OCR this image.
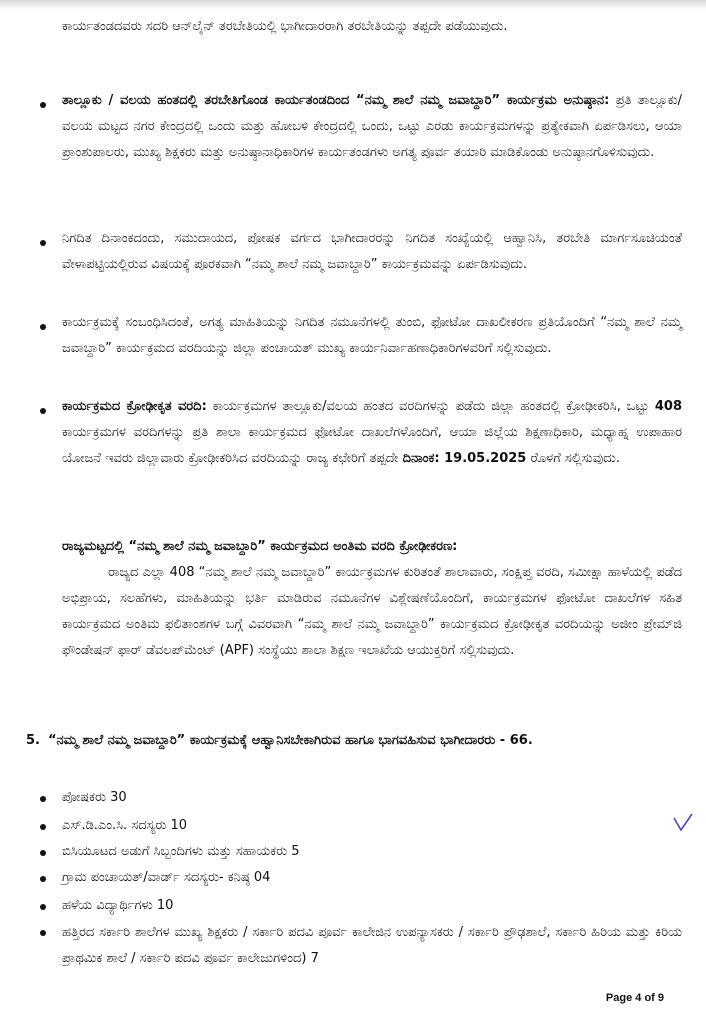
ಕಾರ್ಯತಂಡದವರು ಸದರಿ ಆನ್‌ಲೈನ್ ತರಬೇತಿಯಲ್ಲಿ ಭಾಗೀದಾರರಾಗಿ ತರಬೇತಿಯನ್ನು ತಪ್ಪದೇ ಪಡೆಯುವುದು.
ತಾಲ್ಲೂಕು / ವಲಯ ಹಂತದಲ್ಲಿ ತರಬೇತಿಗೊಂಡ ಕಾರ್ಯತಂಡದಿಂದ “ನಮ್ಮ ಶಾಲೆ ನಮ್ಮ ಜವಾಬ್ದಾರಿ” ಕಾರ್ಯಕ್ರಮ ಅನುಷ್ಠಾನ: ಪ್ರತಿ ತಾಲ್ಲೂಕು/ವಲಯ ಮಟ್ಟದ ನಗರ ಕೇಂದ್ರದಲ್ಲಿ ಒಂದು ಮತ್ತು ಹೋಬಳಿ ಕೇಂದ್ರದಲ್ಲಿ ಒಂದು, ಒಟ್ಟು ಎರಡು ಕಾರ್ಯಕ್ರಮಗಳನ್ನು ಪ್ರತ್ಯೇಕವಾಗಿ ಏರ್ಪಡಿಸಲು, ಆಯಾ ಪ್ರಾಂಶುಪಾಲರು, ಮುಖ್ಯ ಶಿಕ್ಷಕರು ಮತ್ತು ಅನುಷ್ಠಾನಾಧಿಕಾರಿಗಳ ಕಾರ್ಯತಂಡಗಳು ಅಗತ್ಯ ಪೂರ್ವ ತಯಾರಿ ಮಾಡಿಕೊಂಡು ಅನುಷ್ಠಾನಗೊಳಿಸುವುದು.
ನಿಗದಿತ ದಿನಾಂಕದಂದು, ಸಮುದಾಯದ, ಪೋಷಕ ವರ್ಗದ ಭಾಗೀದಾರರನ್ನು ನಿಗದಿತ ಸಂಖ್ಯೆಯಲ್ಲಿ ಆಹ್ವಾನಿಸಿ, ತರಬೇತಿ ಮಾರ್ಗಸೂಚಿಯಂತೆ ವೇಳಾಪಟ್ಟಿಯಲ್ಲಿರುವ ವಿಷಯಕ್ಕೆ ಪೂರಕವಾಗಿ “ನಮ್ಮ ಶಾಲೆ ನಮ್ಮ ಜವಾಬ್ದಾರಿ” ಕಾರ್ಯಕ್ರಮವನ್ನು ಏರ್ಪಡಿಸುವುದು.
ಕಾರ್ಯಕ್ರಮಕ್ಕೆ ಸಂಬಂಧಿಸಿದಂತೆ, ಅಗತ್ಯ ಮಾಹಿತಿಯನ್ನು ನಿಗದಿತ ನಮೂನೆಗಳಲ್ಲಿ ತುಂಬಿ, ಫೋಟೋ ದಾಖಲೀಕರಣ ಪ್ರತಿಯೊಂದಿಗೆ “ನಮ್ಮ ಶಾಲೆ ನಮ್ಮ ಜವಾಬ್ದಾರಿ” ಕಾರ್ಯಕ್ರಮದ ವರದಿಯನ್ನು ಜಿಲ್ಲಾ ಪಂಚಾಯತ್ ಮುಖ್ಯ ಕಾರ್ಯನಿರ್ವಾಹಣಾಧಿಕಾರಿಗಳವರಿಗೆ ಸಲ್ಲಿಸುವುದು.
ಕಾರ್ಯಕ್ರಮದ ಕ್ರೋಢೀಕೃತ ವರದಿ: ಕಾರ್ಯಕ್ರಮಗಳ ತಾಲ್ಲೂಕು/ವಲಯ ಹಂತದ ವರದಿಗಳನ್ನು ಪಡೆದು ಜಿಲ್ಲಾ ಹಂತದಲ್ಲಿ ಕ್ರೋಢೀಕರಿಸಿ, ಒಟ್ಟು 408 ಕಾರ್ಯಕ್ರಮಗಳ ವರದಿಗಳನ್ನು ಪ್ರತಿ ಶಾಲಾ ಕಾರ್ಯಕ್ರಮದ ಫೋಟೋ ದಾಖಲೆಗಳೊಂದಿಗೆ, ಆಯಾ ಜಿಲ್ಲೆಯ ಶಿಕ್ಷಣಾಧಿಕಾರಿ, ಮಧ್ಯಾಹ್ನ ಉಪಾಹಾರ ಯೋಜನೆ ಇವರು ಜಿಲ್ಲಾವಾರು ಕ್ರೋಢೀಕರಿಸಿದ ವರದಿಯನ್ನು ರಾಜ್ಯ ಕಛೇರಿಗೆ ತಪ್ಪದೇ ದಿನಾಂಕ: 19.05.2025 ರೊಳಗೆ ಸಲ್ಲಿಸುವುದು.
ರಾಜ್ಯಮಟ್ಟದಲ್ಲಿ “ನಮ್ಮ ಶಾಲೆ ನಮ್ಮ ಜವಾಬ್ದಾರಿ” ಕಾರ್ಯಕ್ರಮದ ಅಂತಿಮ ವರದಿ ಕ್ರೋಢೀಕರಣ:
ರಾಜ್ಯದ ಎಲ್ಲಾ 408 “ನಮ್ಮ ಶಾಲೆ ನಮ್ಮ ಜವಾಬ್ದಾರಿ” ಕಾರ್ಯಕ್ರಮಗಳ ಕುರಿತಂತೆ ಶಾಲಾವಾರು, ಸಂಕ್ಷಿಪ್ತ ವರದಿ, ಸಮೀಕ್ಷಾ ಹಾಳೆಯಲ್ಲಿ ಪಡೆದ ಅಭಿಪ್ರಾಯ, ಸಲಹೆಗಳು, ಮಾಹಿತಿಯನ್ನು ಭರ್ತಿ ಮಾಡಿರುವ ನಮೂನೆಗಳ ವಿಶ್ಲೇಷಣೆಯೊಂದಿಗೆ, ಕಾರ್ಯಕ್ರಮಗಳ ಫೋಟೋ ದಾಖಲೆಗಳ ಸಹಿತ ಕಾರ್ಯಕ್ರಮದ ಅಂತಿಮ ಫಲಿತಾಂಶಗಳ ಬಗ್ಗೆ ವಿವರವಾಗಿ “ನಮ್ಮ ಶಾಲೆ ನಮ್ಮ ಜವಾಬ್ದಾರಿ” ಕಾರ್ಯಕ್ರಮದ ಕ್ರೋಢೀಕೃತ ವರದಿಯನ್ನು ಅಜೀಂ ಪ್ರೇಮ್‌ಜಿ ಫೌಂಡೇಷನ್ ಫಾರ್ ಡೆವಲಪ್‌ಮೆಂಟ್ (APF) ಸಂಸ್ಥೆಯು ಶಾಲಾ ಶಿಕ್ಷಣ ಇಲಾಖೆಯ ಆಯುಕ್ತರಿಗೆ ಸಲ್ಲಿಸುವುದು.
5. “ನಮ್ಮ ಶಾಲೆ ನಮ್ಮ ಜವಾಬ್ದಾರಿ” ಕಾರ್ಯಕ್ರಮಕ್ಕೆ ಆಹ್ವಾನಿಸಬೇಕಾಗಿರುವ ಹಾಗೂ ಭಾಗವಹಿಸುವ ಭಾಗೀದಾರರು - 66.
ಪೋಷಕರು 30
ಎಸ್.ಡಿ.ಎಂ.ಸಿ. ಸದಸ್ಯರು 10
ಬಿಸಿಯೂಟದ ಅಡುಗೆ ಸಿಬ್ಬಂದಿಗಳು ಮತ್ತು ಸಹಾಯಕರು 5
ಗ್ರಾಮ ಪಂಚಾಯತ್/ವಾರ್ಡ್ ಸದಸ್ಯರು- ಕನಿಷ್ಠ 04
ಹಳೆಯ ವಿದ್ಯಾರ್ಥಿಗಳು 10
ಹತ್ತಿರದ ಸರ್ಕಾರಿ ಶಾಲೆಗಳ ಮುಖ್ಯ ಶಿಕ್ಷಕರು / ಸರ್ಕಾರಿ ಪದವಿ ಪೂರ್ವ ಕಾಲೇಜಿನ ಉಪನ್ಯಾಸಕರು / ಸರ್ಕಾರಿ ಪ್ರೌಢಶಾಲೆ, ಸರ್ಕಾರಿ ಹಿರಿಯ ಮತ್ತು ಕಿರಿಯ ಪ್ರಾಥಮಿಕ ಶಾಲೆ / ಸರ್ಕಾರಿ ಪದವಿ ಪೂರ್ವ ಕಾಲೇಜುಗಳಿಂದ) 7
Page 4 of 9
